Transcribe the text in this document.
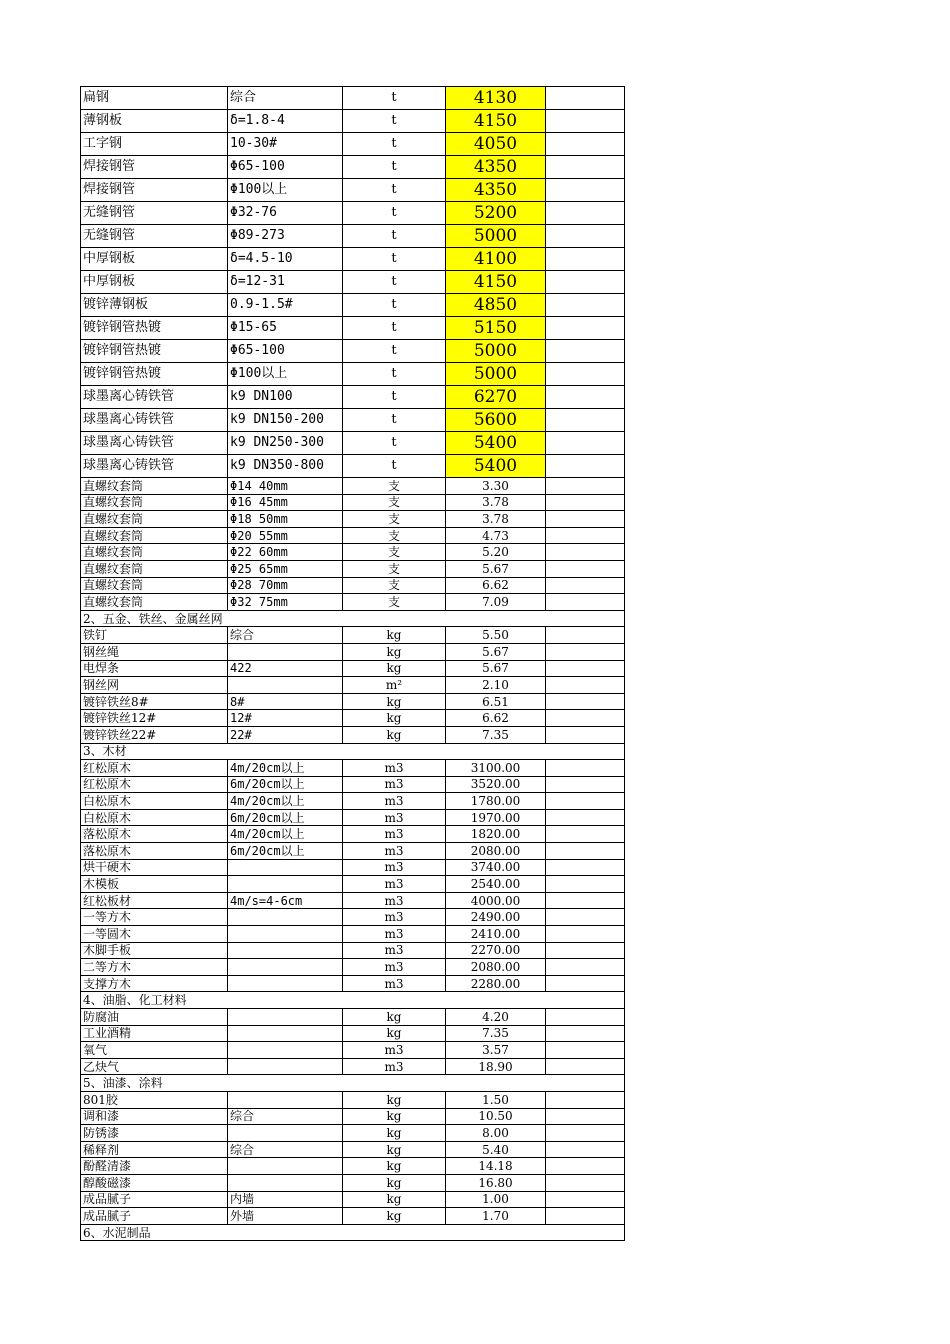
扁钢	综合	t	4130	
薄钢板	δ=1.8-4	t	4150	
工字钢	10-30#	t	4050	
焊接钢管	Φ65-100	t	4350	
焊接钢管	Φ100以上	t	4350	
无缝钢管	Φ32-76	t	5200	
无缝钢管	Φ89-273	t	5000	
中厚钢板	δ=4.5-10	t	4100	
中厚钢板	δ=12-31	t	4150	
镀锌薄钢板	0.9-1.5#	t	4850	
镀锌钢管热镀	Φ15-65	t	5150	
镀锌钢管热镀	Φ65-100	t	5000	
镀锌钢管热镀	Φ100以上	t	5000	
球墨离心铸铁管	k9 DN100	t	6270	
球墨离心铸铁管	k9 DN150-200	t	5600	
球墨离心铸铁管	k9 DN250-300	t	5400	
球墨离心铸铁管	k9 DN350-800	t	5400	
直螺纹套筒	Φ14 40mm	支	3.30	
直螺纹套筒	Φ16 45mm	支	3.78	
直螺纹套筒	Φ18 50mm	支	3.78	
直螺纹套筒	Φ20 55mm	支	4.73	
直螺纹套筒	Φ22 60mm	支	5.20	
直螺纹套筒	Φ25 65mm	支	5.67	
直螺纹套筒	Φ28 70mm	支	6.62	
直螺纹套筒	Φ32 75mm	支	7.09	
2、五金、铁丝、金属丝网				
铁钉	综合	kg	5.50	
钢丝绳		kg	5.67	
电焊条	422	kg	5.67	
钢丝网		m²	2.10	
镀锌铁丝8#	8#	kg	6.51	
镀锌铁丝12#	12#	kg	6.62	
镀锌铁丝22#	22#	kg	7.35	
3、木材				
红松原木	4m/20cm以上	m3	3100.00	
红松原木	6m/20cm以上	m3	3520.00	
白松原木	4m/20cm以上	m3	1780.00	
白松原木	6m/20cm以上	m3	1970.00	
落松原木	4m/20cm以上	m3	1820.00	
落松原木	6m/20cm以上	m3	2080.00	
烘干硬木		m3	3740.00	
木模板		m3	2540.00	
红松板材	4m/s=4-6cm	m3	4000.00	
一等方木		m3	2490.00	
一等圆木		m3	2410.00	
木脚手板		m3	2270.00	
二等方木		m3	2080.00	
支撑方木		m3	2280.00	
4、油脂、化工材料				
防腐油		kg	4.20	
工业酒精		kg	7.35	
氧气		m3	3.57	
乙炔气		m3	18.90	
5、油漆、涂料				
801胶		kg	1.50	
调和漆	综合	kg	10.50	
防锈漆		kg	8.00	
稀释剂	综合	kg	5.40	
酚醛清漆		kg	14.18	
醇酸磁漆		kg	16.80	
成品腻子	内墙	kg	1.00	
成品腻子	外墙	kg	1.70	
6、水泥制品				
